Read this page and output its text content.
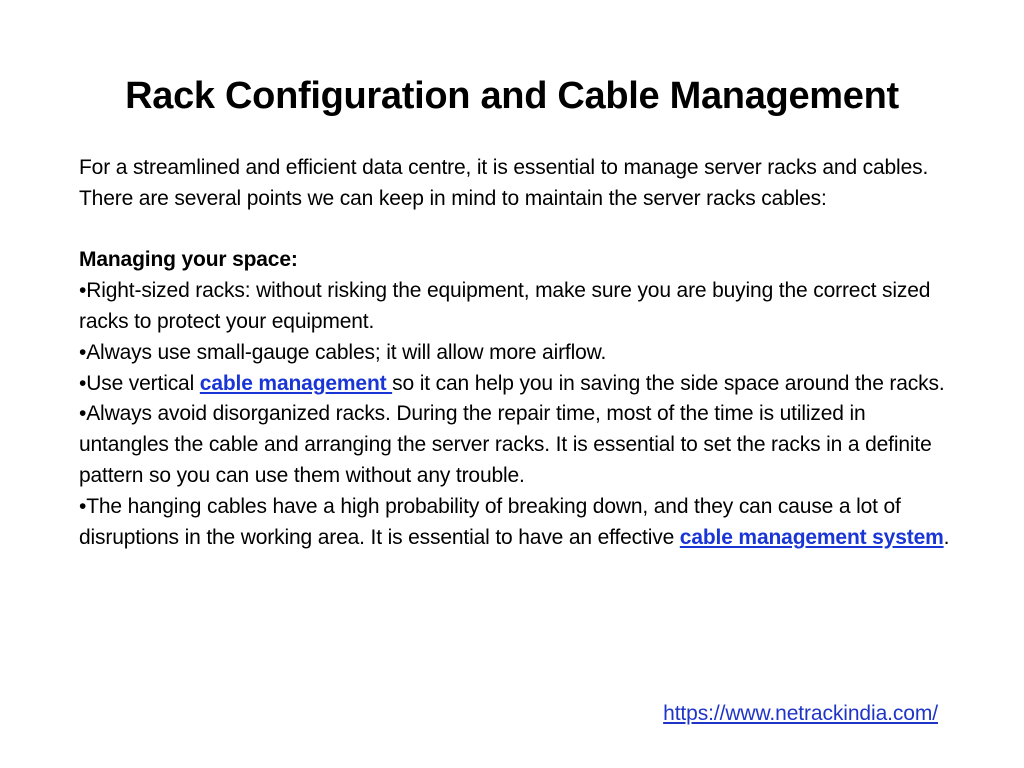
Rack Configuration and Cable Management

For a streamlined and efficient data centre, it is essential to manage server racks and cables. There are several points we can keep in mind to maintain the server racks cables:

Managing your space:

•Right-sized racks: without risking the equipment, make sure you are buying the correct sized racks to protect your equipment.

•Always use small-gauge cables; it will allow more airflow.

•Use vertical cable management so it can help you in saving the side space around the racks.

•Always avoid disorganized racks. During the repair time, most of the time is utilized in untangles the cable and arranging the server racks. It is essential to set the racks in a definite pattern so you can use them without any trouble.

•The hanging cables have a high probability of breaking down, and they can cause a lot of disruptions in the working area. It is essential to have an effective cable management system.

https://www.netrackindia.com/
